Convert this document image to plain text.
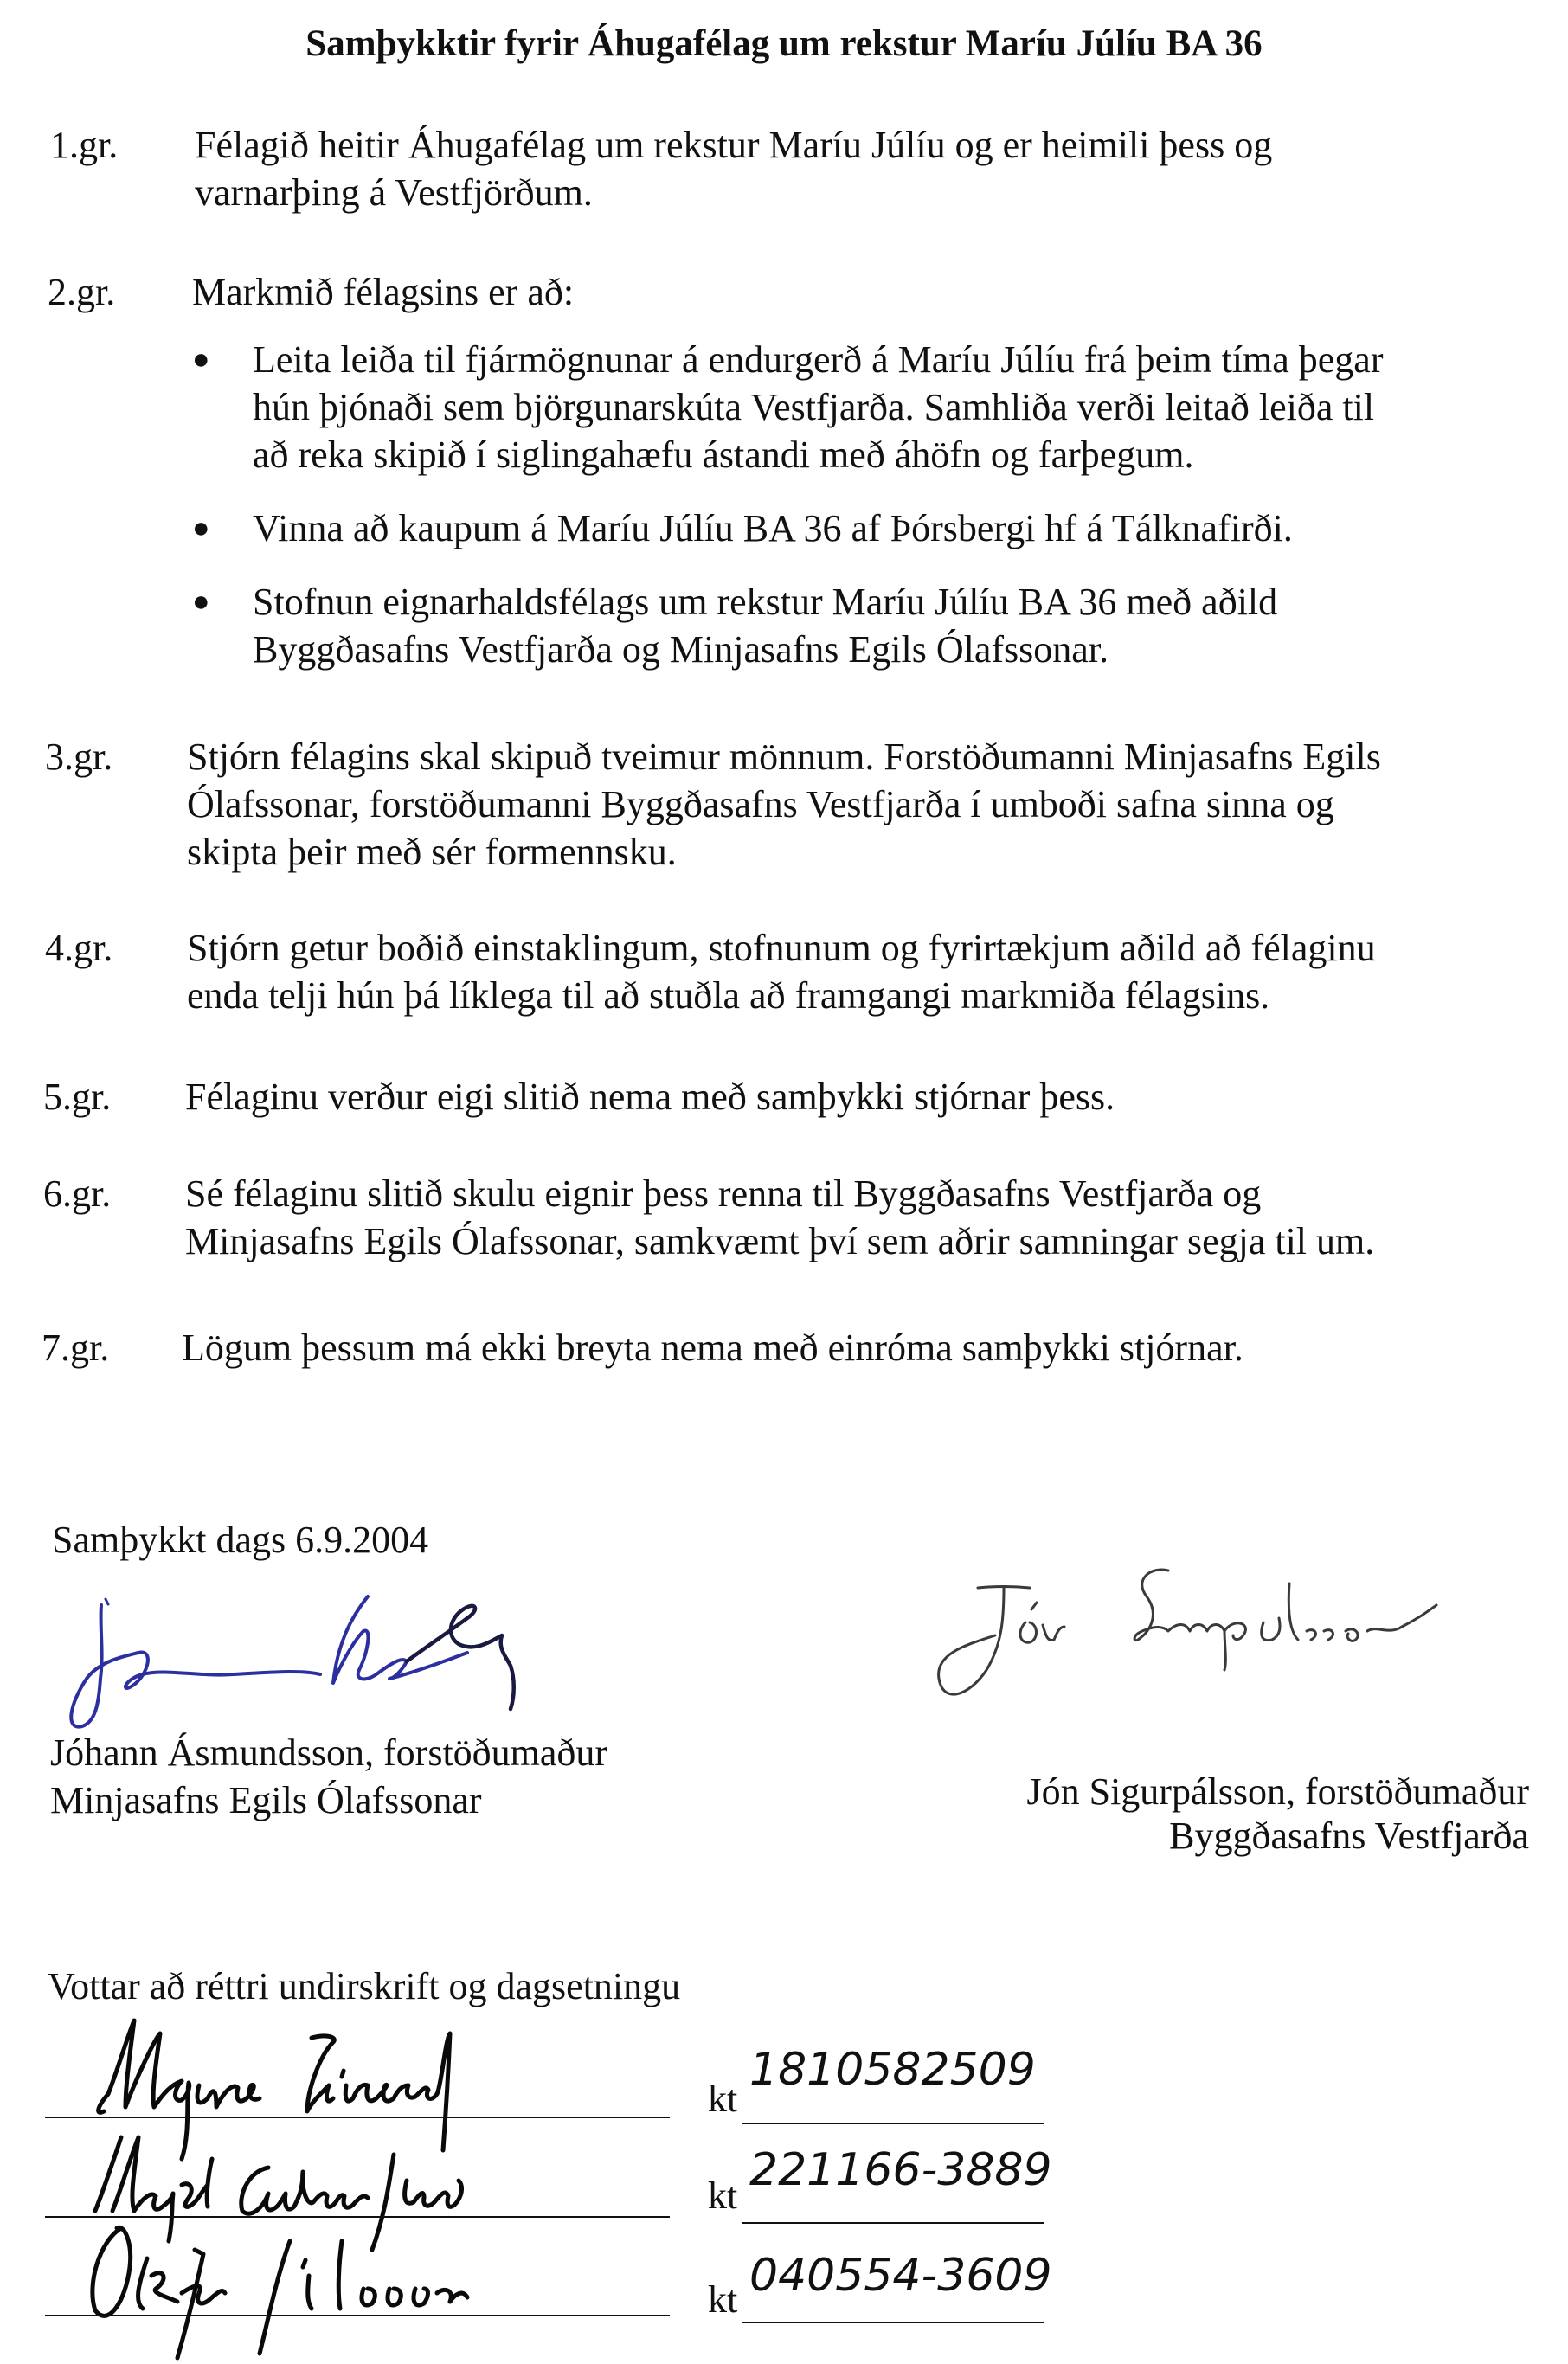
Samþykktir fyrir Áhugafélag um rekstur Maríu Júlíu BA 36
1.gr. Félagið heitir Áhugafélag um rekstur Maríu Júlíu og er heimili þess og
varnarþing á Vestfjörðum.
2.gr. Markmið félagsins er að:
● Leita leiða til fjármögnunar á endurgerð á Maríu Júlíu frá þeim tíma þegar
hún þjónaði sem björgunarskúta Vestfjarða. Samhliða verði leitað leiða til
að reka skipið í siglingahæfu ástandi með áhöfn og farþegum.
● Vinna að kaupum á Maríu Júlíu BA 36 af Þórsbergi hf á Tálknafirði.
● Stofnun eignarhaldsfélags um rekstur Maríu Júlíu BA 36 með aðild
Byggðasafns Vestfjarða og Minjasafns Egils Ólafssonar.
3.gr. Stjórn félagins skal skipuð tveimur mönnum. Forstöðumanni Minjasafns Egils
Ólafssonar, forstöðumanni Byggðasafns Vestfjarða í umboði safna sinna og
skipta þeir með sér formennsku.
4.gr. Stjórn getur boðið einstaklingum, stofnunum og fyrirtækjum aðild að félaginu
enda telji hún þá líklega til að stuðla að framgangi markmiða félagsins.
5.gr. Félaginu verður eigi slitið nema með samþykki stjórnar þess.
6.gr. Sé félaginu slitið skulu eignir þess renna til Byggðasafns Vestfjarða og
Minjasafns Egils Ólafssonar, samkvæmt því sem aðrir samningar segja til um.
7.gr. Lögum þessum má ekki breyta nema með einróma samþykki stjórnar.
Samþykkt dags 6.9.2004
Jóhann Ásmundsson, forstöðumaður
Minjasafns Egils Ólafssonar	Jón Sigurpálsson, forstöðumaður
Byggðasafns Vestfjarða
Vottar að réttri undirskrift og dagsetningu
kt
1810582509
kt 221166-3889
kt 040554-3609
